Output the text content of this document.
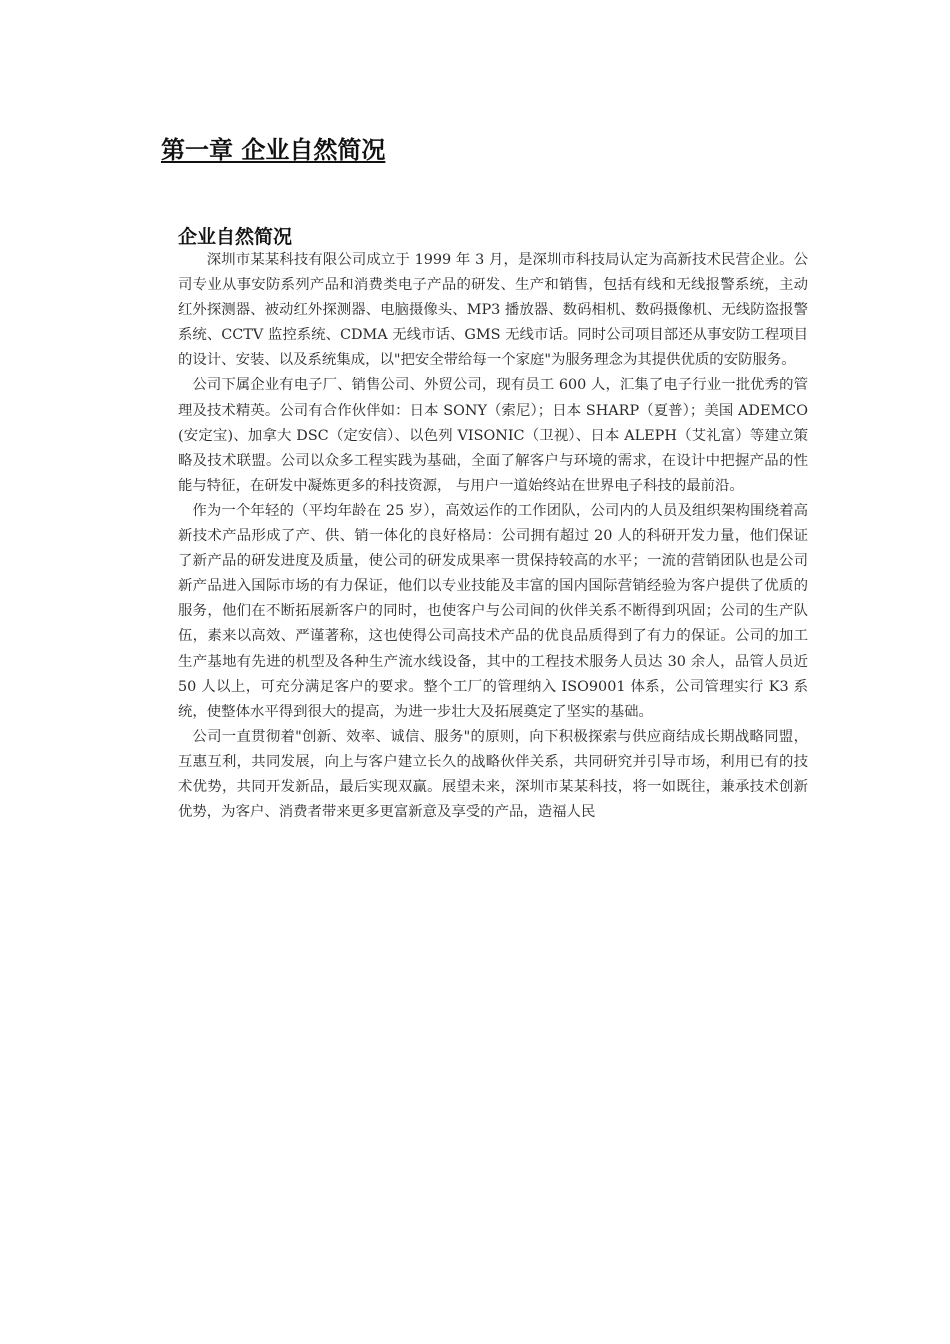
第一章 企业自然简况
企业自然简况

深圳市某某科技有限公司成立于 1999 年 3 月，是深圳市科技局认定为高新技术民营企业。公司专业从事安防系列产品和消费类电子产品的研发、生产和销售，包括有线和无线报警系统，主动红外探测器、被动红外探测器、电脑摄像头、MP3 播放器、数码相机、数码摄像机、无线防盗报警系统、CCTV 监控系统、CDMA 无线市话、GMS 无线市话。同时公司项目部还从事安防工程项目的设计、安装、以及系统集成，以"把安全带给每一个家庭"为服务理念为其提供优质的安防服务。

公司下属企业有电子厂、销售公司、外贸公司，现有员工 600 人，汇集了电子行业一批优秀的管理及技术精英。公司有合作伙伴如：日本 SONY（索尼）；日本 SHARP（夏普）；美国 ADEMCO(安定宝)、加拿大 DSC（定安信）、以色列 VISONIC（卫视）、日本 ALEPH（艾礼富）等建立策略及技术联盟。公司以众多工程实践为基础，全面了解客户与环境的需求，在设计中把握产品的性能与特征，在研发中凝炼更多的科技资源， 与用户一道始终站在世界电子科技的最前沿。

作为一个年轻的（平均年龄在 25 岁），高效运作的工作团队，公司内的人员及组织架构围绕着高新技术产品形成了产、供、销一体化的良好格局：公司拥有超过 20 人的科研开发力量，他们保证了新产品的研发进度及质量，使公司的研发成果率一贯保持较高的水平；一流的营销团队也是公司新产品进入国际市场的有力保证，他们以专业技能及丰富的国内国际营销经验为客户提供了优质的服务，他们在不断拓展新客户的同时，也使客户与公司间的伙伴关系不断得到巩固；公司的生产队伍，素来以高效、严谨著称，这也使得公司高技术产品的优良品质得到了有力的保证。公司的加工生产基地有先进的机型及各种生产流水线设备，其中的工程技术服务人员达 30 余人，品管人员近 50 人以上，可充分满足客户的要求。整个工厂的管理纳入 ISO9001 体系，公司管理实行 K3 系统，使整体水平得到很大的提高，为进一步壮大及拓展奠定了坚实的基础。

公司一直贯彻着"创新、效率、诚信、服务"的原则，向下积极探索与供应商结成长期战略同盟，互惠互利，共同发展，向上与客户建立长久的战略伙伴关系，共同研究并引导市场，利用已有的技术优势，共同开发新品，最后实现双赢。展望未来，深圳市某某科技，将一如既往，兼承技术创新优势，为客户、消费者带来更多更富新意及享受的产品，造福人民
